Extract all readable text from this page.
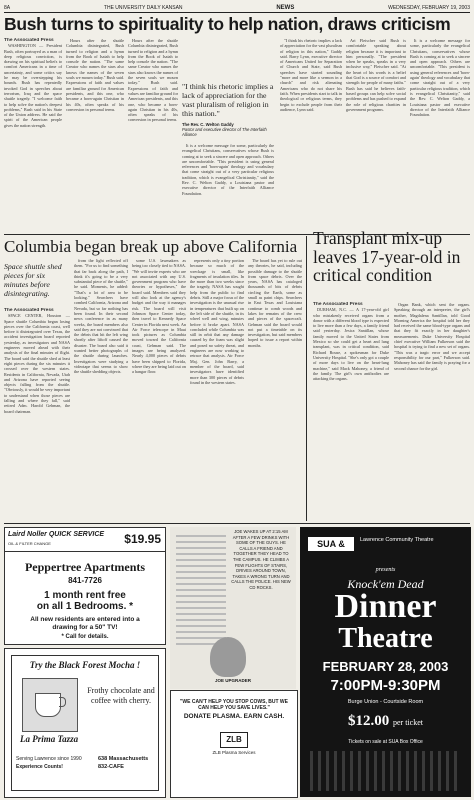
8A	THE UNIVERSITY DAILY KANSAN	NEWS	WEDNESDAY, FEBRUARY 19, 2003
Bush turns to spirituality to help nation, draws criticism
The Associated Press

WASHINGTON — President Bush, often portrayed as a man of deep religious conviction, is drawing on his spiritual beliefs to comfort Americans in a time of uncertainty, and some critics say he may be overstepping his bounds. Bush has repeatedly invoked God in speeches about terrorism, Iraq and the space shuttle tragedy. "I welcome faith to help solve the nation's deepest problems," Bush said in his State of the Union address. He said the spirit of the American people gives the nation strength.

Hours after the shuttle Columbia disintegrated, Bush turned to religion and a hymn from the Book of Isaiah to help console the nation. "The same Creator who names the stars also knows the names of the seven souls we mourn today." Bush said. Expressions of faith and values are familiar ground for American presidents, and this one, who became a born-again Christian in his 40s, often speaks of his conversion in personal terms.

Hours after the shuttle Columbia disintegrated, Bush turned to religion and a hymn from the Book of Isaiah to help console the nation. "The same Creator who names the stars also knows the names of the seven souls we mourn today." Bush said. Expressions of faith and values are familiar ground for American presidents, and this one, who became a born-again Christian in his 40s, often speaks of his conversion in personal terms.

"I think his rhetoric implies a lack of appreciation for the vast pluralism of religion in this nation."
The Rev. C. Welton Gaddy
Pastor and executive director of The Interfaith Alliance

It is a welcome message for some, particularly the evangelical Christians, conservatives whose Bush is coming at to seek a sincere and open approach. Others are uncomfortable. "This president is using general references and 'born-again' theology and vocabulary that come straight out of a very particular religious tradition, which is evangelical Christianity," said the Rev. C. Welton Gaddy, a Louisiana pastor and executive director of the Interfaith Alliance Foundation.

"I think his rhetoric implies a lack of appreciation for the vast pluralism of religion in this nation," Gaddy said. Barry Lynn, executive director of Americans United for Separation of Church and State, said Bush speeches have started sounding "more and more like a sermon in a church" and risk alienating Americans who do not share his faith. When presidents start to talk in theological or religious terms, they begin to exclude people from their audience, Lynn said.

Ari Fleischer said Bush is comfortable speaking about religion because it is important to him personally. "The president when he speaks, speaks in a very inclusive way," Fleischer said. "At the heart of his words is a belief that God is a source of comfort and strength for people of many faiths." Bush has said he believes faith-based groups can help solve social problems and has pushed to expand the role of religious charities in government programs.

It is a welcome message for some, particularly the evangelical Christians, conservatives whose Bush is coming at to seek a sincere and open approach. Others are uncomfortable. "This president is using general references and 'born-again' theology and vocabulary that come straight out of a very particular religious tradition, which is evangelical Christianity," said the Rev. C. Welton Gaddy, a Louisiana pastor and executive director of the Interfaith Alliance Foundation.

Columbia began break up above California
Space shuttle shed pieces for six minutes before disintegrating.
The Associated Press

SPACE CENTER, Houston — Space shuttle Columbia began losing pieces over the California coast, well before it disintegrated over Texas, the accident investigation board reported yesterday, as investigators and NASA engineers moved ahead with their analysis of the final minutes of flight. The board said the shuttle shed at least eight pieces during the six minutes it crossed over the western states. Residents in California, Nevada, Utah and Arizona have reported seeing objects falling from the shuttle. "Obviously, it would be very important to understand when those pieces are falling and where they fall," said retired Adm. Harold Gehman, the board chairman.

from the light reflected off them. "For us to find something that far back along the path, I think it's going to be a very substantial piece of the shuttle," he said. Moments, he added: "That's a lot of area to be looking." Searchers have combed California, Arizona and Nevada, but so far nothing has been found. In their second news conference in as many weeks, the board members also said they are not convinced that the debris that hit the left wing shortly after liftoff caused the disaster. The board also said it wanted better photographs of the shuttle during launches. Investigators were studying a videotape that seems to show the shuttle shedding objects.

some U.S. lawmakers as being too closely tied to NASA. "We will invite experts who are not associated with any U.S. government program who have theories or hypotheses," the board said. Members said they will also look at the agency's budget and the way it manages risk. The board will visit Johnson Space Center today, then travel to Kennedy Space Center in Florida next week. An Air Force telescope in Maui took pictures as Columbia moved toward the California coast, Gehman said. The images are being analyzed. Nearly 4,000 pieces of debris have been shipped to Florida, where they are being laid out on a hangar floor.

represents only a tiny portion because so much of the wreckage is small, like fragments of insulation tiles. In the more than two weeks since the tragedy, NASA has sought help from the public to find debris. Still a major focus of the investigation is the unusual rise in temperatures that built up on the left side of the shuttle, in its wheel well and wing, minutes before it broke apart. NASA concluded while Columbia was still in orbit that any damage caused by the foam was slight and posed no safety threat, and engineers are now working to retrace that analysis. Air Force Maj. Gen. John Barry, a member of the board, said investigators have identified more than 300 pieces of debris found in the western states.

The board has yet to rule out any theories, he said, including possible damage to the shuttle from space debris. Over the years, NASA has cataloged thousands of bits of debris circling the Earth, some as small as paint chips. Searchers in East Texas and Louisiana continue to comb woods and lakes for remains of the crew and pieces of the spacecraft. Gehman said the board would not put a timetable on its investigation, but said members hoped to issue a report within months.

Transplant mix-up leaves 17-year-old in critical condition
The Associated Press

DURHAM, N.C. — A 17-year-old girl who mistakenly received organs from a donor with a different blood type is expected to live more than a few days, a family friend said yesterday. Jesica Santillan, whose family moved to the United States from Mexico so she could get a heart and lung transplant, was in critical condition, said Richard Rouse, a spokesman for Duke University Hospital. "She's only got a couple of more days to live on the heart-lung machine," said Mack Mahoney, a friend of the family. The girl's own antibodies are attacking the organs.

Organ Bank, which sent the organs. Speaking through an interpreter, the girl's mother, Magdalena Santillan, told Good Morning America the hospital told her they had received the same blood-type organs and that they fit exactly in her daughter's measurements. Duke University Hospital chief executive William Fulkerson said the hospital is trying to find a new set of organs. "This was a tragic error and we accept responsibility for our part," Fulkerson said. Mahoney has said the family is praying for a second chance for the girl.

Laird Noller QUICK SERVICE
OIL & FILTER CHANGE	$19.95
Peppertree Apartments
841-7726
1 month rent free
on all 1 Bedrooms. *
All new residents are entered into a drawing for a 50" TV!
* Call for details.
Try the Black Forest Mocha !
La Prima Tazza
Frothy chocolate and coffee with cherry.
Serving Lawrence since 1990
Experience Counts!
638 Massachusetts
832-CAFE
JOE WAKES UP AT 2:15 AM AFTER A FEW DRINKS WITH SOME OF THE GUYS. HE CALLS A FRIEND AND TOGETHER THEY HEAD TO THE CAMPUS. HE CLIMBS A FEW FLIGHTS OF STAIRS, DRIVES AROUND TOWN, TAKES A WRONG TURN AND CALLS THE POLICE. HIS NEW CD ROCKS.
JOE UPGRADER
"WE CAN'T HELP YOU STOP COWS, BUT WE CAN HELP YOU SAVE LIVES."
DONATE PLASMA. EARN CASH.
ZLB
ZLB Plasma Services
SUA &	Lawrence Community Theatre
presents
Knock'em Dead
Dinner
Theatre
FEBRUARY 28, 2003
7:00PM-9:30PM
Burge Union - Courtside Room
$12.00 per ticket
Tickets on sale at SUA Box Office
